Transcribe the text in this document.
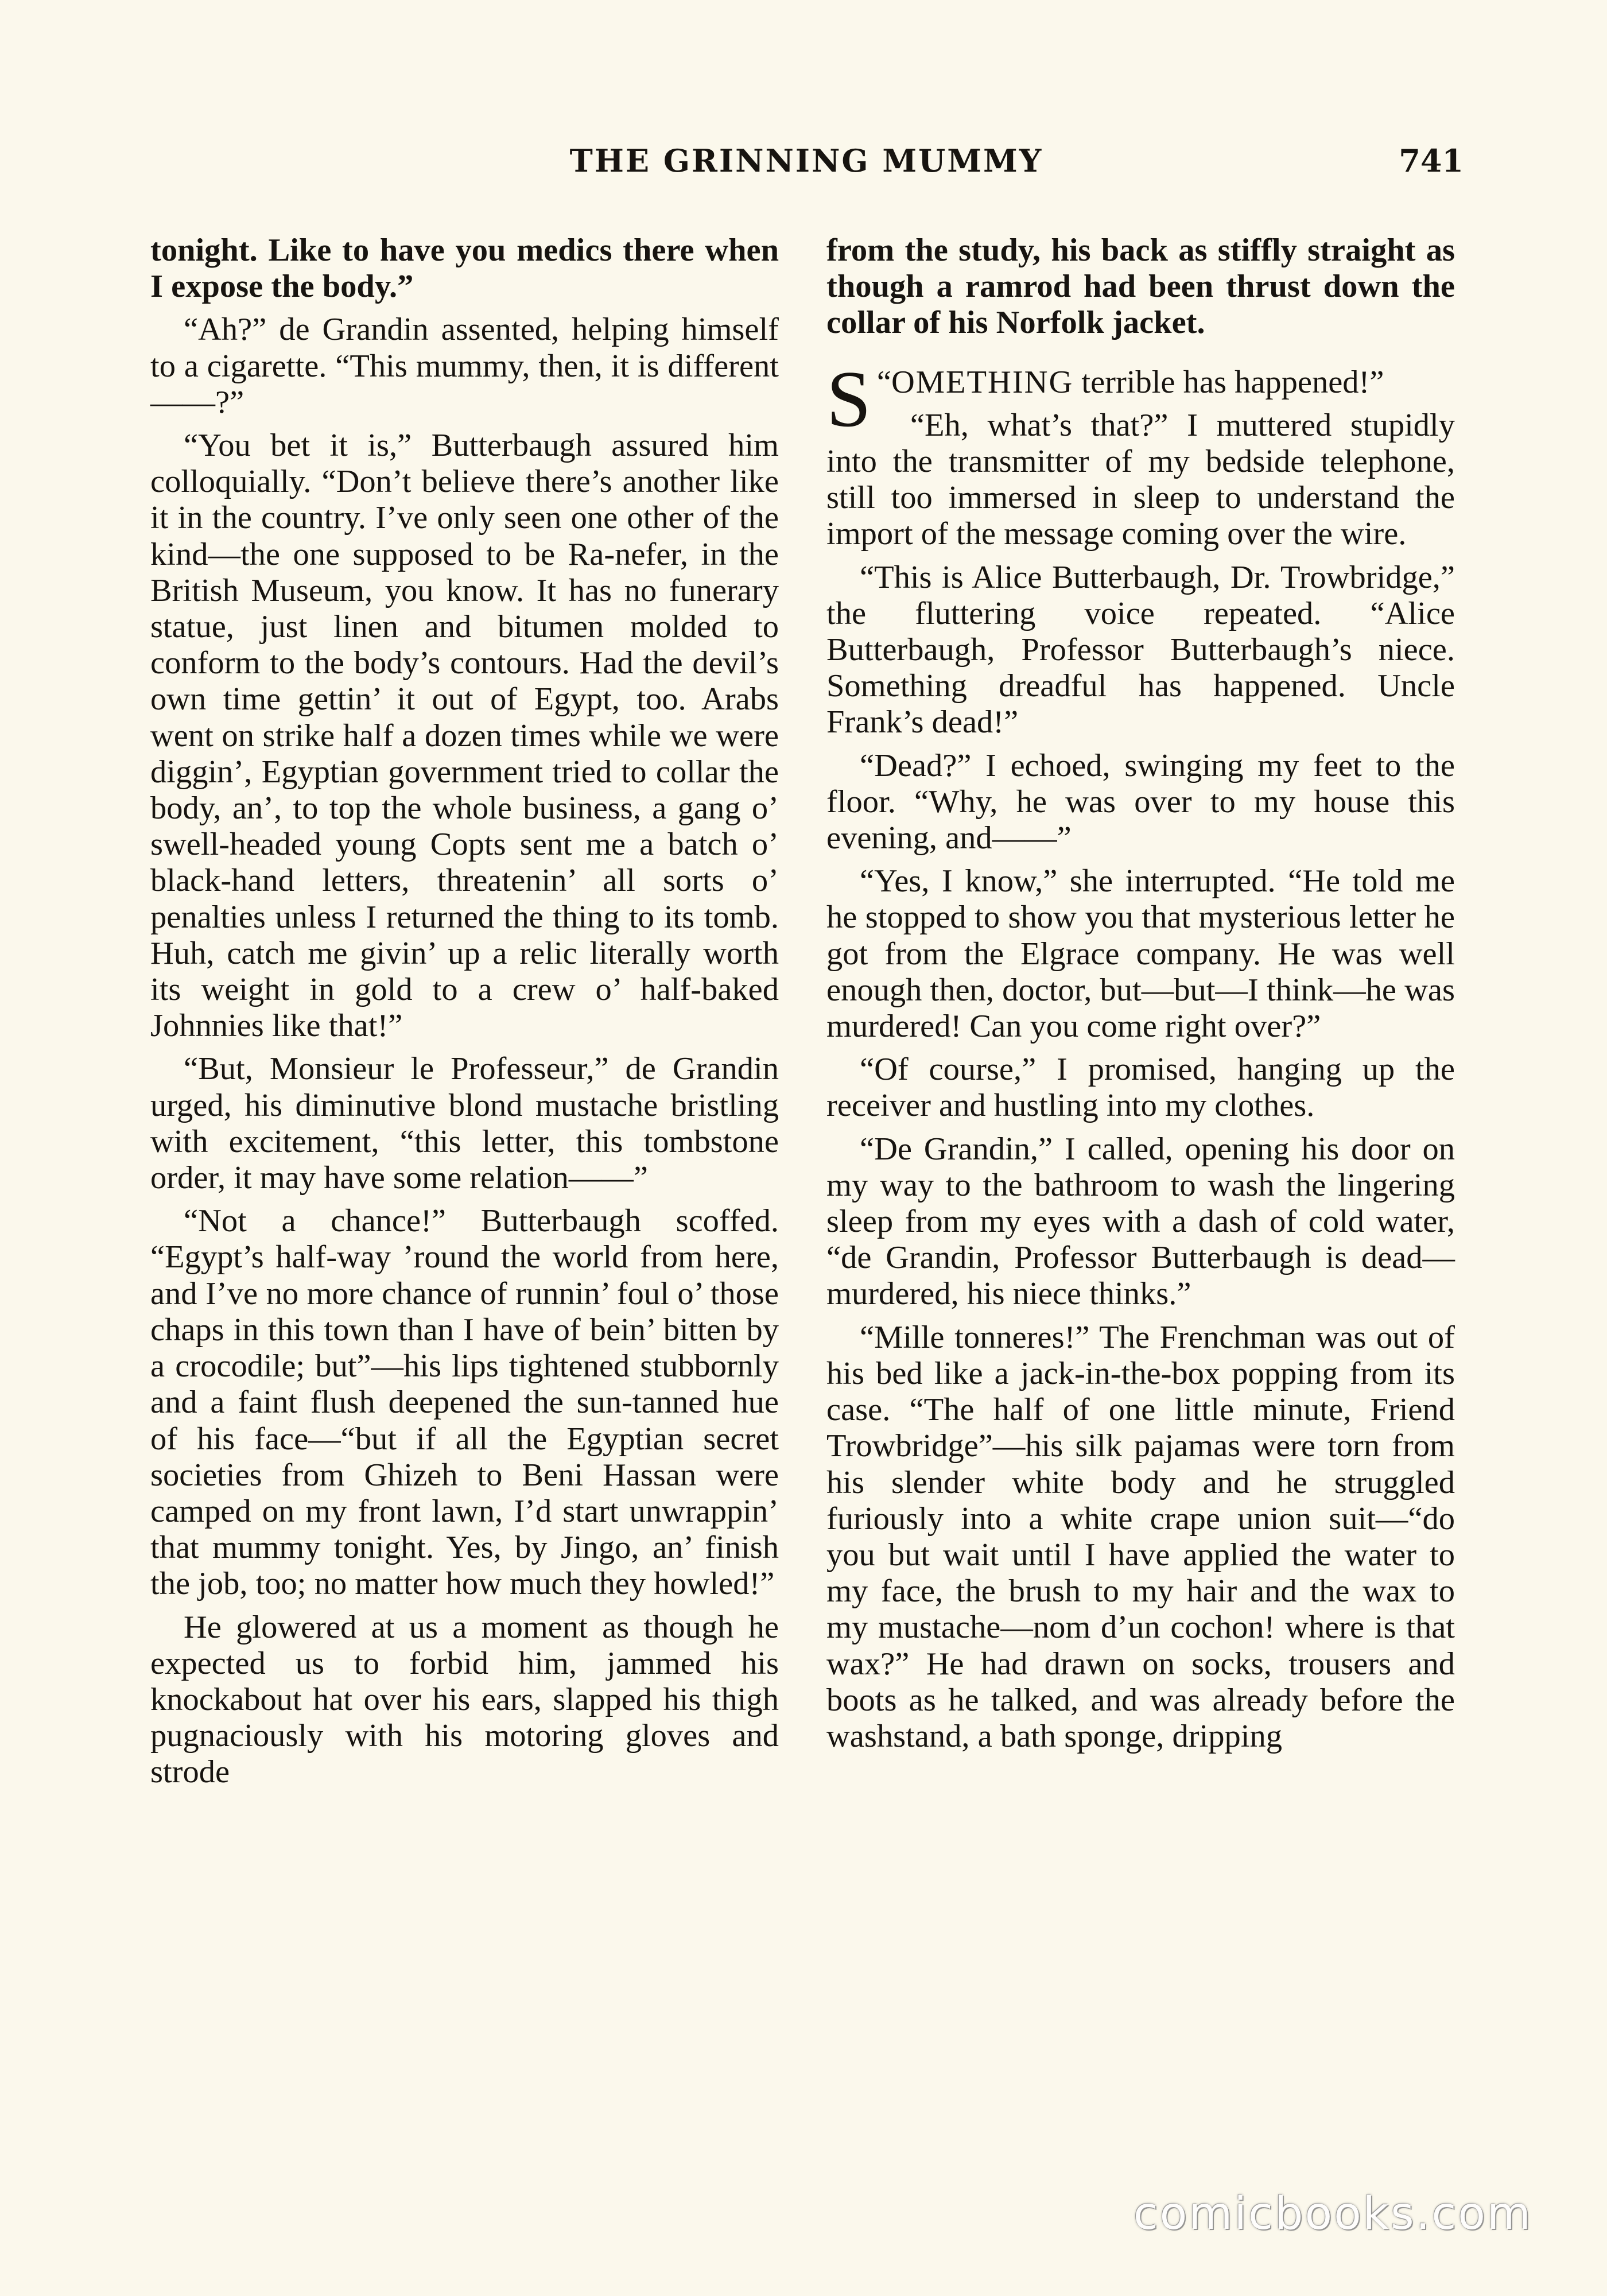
THE GRINNING MUMMY	741

tonight. Like to have you medics there when I expose the body.”

“Ah?” de Grandin assented, helping himself to a cigarette. “This mummy, then, it is different——?”

“You bet it is,” Butterbaugh assured him colloquially. “Don’t believe there’s another like it in the country. I’ve only seen one other of the kind—the one supposed to be Ra-nefer, in the British Museum, you know. It has no funerary statue, just linen and bitumen molded to conform to the body’s contours. Had the devil’s own time gettin’ it out of Egypt, too. Arabs went on strike half a dozen times while we were diggin’, Egyptian government tried to collar the body, an’, to top the whole business, a gang o’ swell-headed young Copts sent me a batch o’ black-hand letters, threatenin’ all sorts o’ penalties unless I returned the thing to its tomb. Huh, catch me givin’ up a relic literally worth its weight in gold to a crew o’ half-baked Johnnies like that!”

“But, Monsieur le Professeur,” de Grandin urged, his diminutive blond mustache bristling with excitement, “this letter, this tombstone order, it may have some relation——”

“Not a chance!” Butterbaugh scoffed. “Egypt’s half-way ’round the world from here, and I’ve no more chance of runnin’ foul o’ those chaps in this town than I have of bein’ bitten by a crocodile; but”—his lips tightened stubbornly and a faint flush deepened the sun-tanned hue of his face—“but if all the Egyptian secret societies from Ghizeh to Beni Hassan were camped on my front lawn, I’d start unwrappin’ that mummy tonight. Yes, by Jingo, an’ finish the job, too; no matter how much they howled!”

He glowered at us a moment as though he expected us to forbid him, jammed his knockabout hat over his ears, slapped his thigh pugnaciously with his motoring gloves and strode

from the study, his back as stiffly straight as though a ramrod had been thrust down the collar of his Norfolk jacket.

“
S OMETHING terrible has happened!”

“Eh, what’s that?” I muttered stupidly into the transmitter of my bedside telephone, still too immersed in sleep to understand the import of the message coming over the wire.

“This is Alice Butterbaugh, Dr. Trowbridge,” the fluttering voice repeated. “Alice Butterbaugh, Professor Butterbaugh’s niece. Something dreadful has happened. Uncle Frank’s dead!”

“Dead?” I echoed, swinging my feet to the floor. “Why, he was over to my house this evening, and——”

“Yes, I know,” she interrupted. “He told me he stopped to show you that mysterious letter he got from the Elgrace company. He was well enough then, doctor, but—but—I think—he was murdered! Can you come right over?”

“Of course,” I promised, hanging up the receiver and hustling into my clothes.

“De Grandin,” I called, opening his door on my way to the bathroom to wash the lingering sleep from my eyes with a dash of cold water, “de Grandin, Professor Butterbaugh is dead—murdered, his niece thinks.”

“Mille tonneres!” The Frenchman was out of his bed like a jack-in-the-box popping from its case. “The half of one little minute, Friend Trowbridge”—his silk pajamas were torn from his slender white body and he struggled furiously into a white crape union suit—“do you but wait until I have applied the water to my face, the brush to my hair and the wax to my mustache—nom d’un cochon! where is that wax?” He had drawn on socks, trousers and boots as he talked, and was already before the washstand, a bath sponge, dripping

comicbooks.com
